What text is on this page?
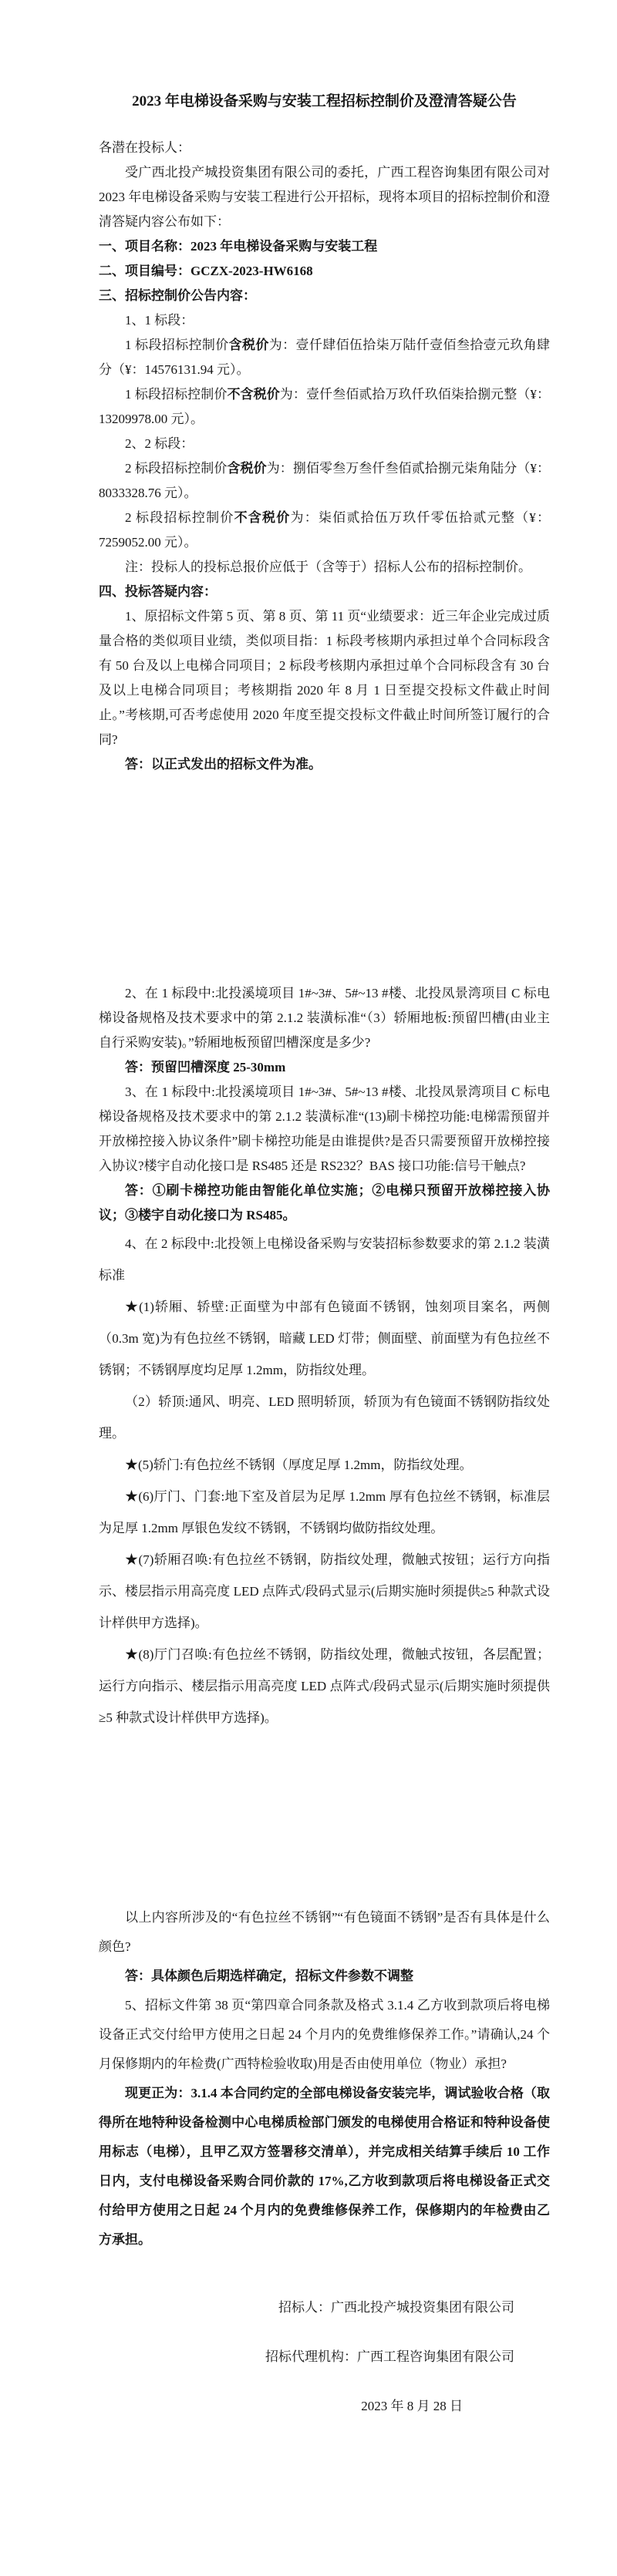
2023 年电梯设备采购与安装工程招标控制价及澄清答疑公告

各潜在投标人：

受广西北投产城投资集团有限公司的委托，广西工程咨询集团有限公司对 2023 年电梯设备采购与安装工程进行公开招标，现将本项目的招标控制价和澄清答疑内容公布如下：

一、项目名称：2023 年电梯设备采购与安装工程

二、项目编号：GCZX-2023-HW6168

三、招标控制价公告内容：

1、1 标段：

1 标段招标控制价含税价为：壹仟肆佰伍拾柒万陆仟壹佰叁拾壹元玖角肆分（¥：14576131.94 元）。

1 标段招标控制价不含税价为：壹仟叁佰贰拾万玖仟玖佰柒拾捌元整（¥：13209978.00 元）。

2、2 标段：

2 标段招标控制价含税价为：捌佰零叁万叁仟叁佰贰拾捌元柒角陆分（¥：8033328.76 元）。

2 标段招标控制价不含税价为：柒佰贰拾伍万玖仟零伍拾贰元整（¥：7259052.00 元）。

注：投标人的投标总报价应低于（含等于）招标人公布的招标控制价。

四、投标答疑内容：

1、原招标文件第 5 页、第 8 页、第 11 页“业绩要求：近三年企业完成过质量合格的类似项目业绩，类似项目指：1 标段考核期内承担过单个合同标段含有 50 台及以上电梯合同项目；2 标段考核期内承担过单个合同标段含有 30 台及以上电梯合同项目；考核期指 2020 年 8 月 1 日至提交投标文件截止时间止。”考核期,可否考虑使用 2020 年度至提交投标文件截止时间所签订履行的合同?

答：以正式发出的招标文件为准。

2、在 1 标段中:北投溪境项目 1#~3#、5#~13 #楼、北投凤景湾项目 C 标电梯设备规格及技术要求中的第 2.1.2 装潢标准“（3）轿厢地板:预留凹槽(由业主自行采购安装)。”轿厢地板预留凹槽深度是多少?

答：预留凹槽深度 25-30mm

3、在 1 标段中:北投溪境项目 1#~3#、5#~13 #楼、北投凤景湾项目 C 标电梯设备规格及技术要求中的第 2.1.2 装潢标准“(13)刷卡梯控功能:电梯需预留并开放梯控接入协议条件”刷卡梯控功能是由谁提供?是否只需要预留开放梯控接入协议?楼宇自动化接口是 RS485 还是 RS232？BAS 接口功能:信号干触点?

答：①刷卡梯控功能由智能化单位实施；②电梯只预留开放梯控接入协议；③楼宇自动化接口为 RS485。

4、在 2 标段中:北投领上电梯设备采购与安装招标参数要求的第 2.1.2 装潢标准

★(1)轿厢、轿壁:正面壁为中部有色镜面不锈钢，蚀刻项目案名，两侧（0.3m 宽)为有色拉丝不锈钢，暗藏 LED 灯带；侧面壁、前面壁为有色拉丝不锈钢；不锈钢厚度均足厚 1.2mm，防指纹处理。

（2）轿顶:通风、明亮、LED 照明轿顶，轿顶为有色镜面不锈钢防指纹处理。

★(5)轿门:有色拉丝不锈钢（厚度足厚 1.2mm，防指纹处理。

★(6)厅门、门套:地下室及首层为足厚 1.2mm 厚有色拉丝不锈钢，标准层为足厚 1.2mm 厚银色发纹不锈钢，不锈钢均做防指纹处理。

★(7)轿厢召唤:有色拉丝不锈钢，防指纹处理，微触式按钮；运行方向指示、楼层指示用高亮度 LED 点阵式/段码式显示(后期实施时须提供≥5 种款式设计样供甲方选择)。

★(8)厅门召唤:有色拉丝不锈钢，防指纹处理，微触式按钮，各层配置；运行方向指示、楼层指示用高亮度 LED 点阵式/段码式显示(后期实施时须提供≥5 种款式设计样供甲方选择)。

以上内容所涉及的“有色拉丝不锈钢”“有色镜面不锈钢”是否有具体是什么颜色?

答：具体颜色后期选样确定，招标文件参数不调整

5、招标文件第 38 页“第四章合同条款及格式 3.1.4 乙方收到款项后将电梯设备正式交付给甲方使用之日起 24 个月内的免费维修保养工作。”请确认,24 个月保修期内的年检费(广西特检验收取)用是否由使用单位（物业）承担?

现更正为：3.1.4 本合同约定的全部电梯设备安装完毕，调试验收合格（取得所在地特种设备检测中心电梯质检部门颁发的电梯使用合格证和特种设备使用标志（电梯），且甲乙双方签署移交清单），并完成相关结算手续后 10 工作日内，支付电梯设备采购合同价款的 17%,乙方收到款项后将电梯设备正式交付给甲方使用之日起 24 个月内的免费维修保养工作，保修期内的年检费由乙方承担。

招标人：广西北投产城投资集团有限公司

招标代理机构：广西工程咨询集团有限公司

2023 年 8 月 28 日
